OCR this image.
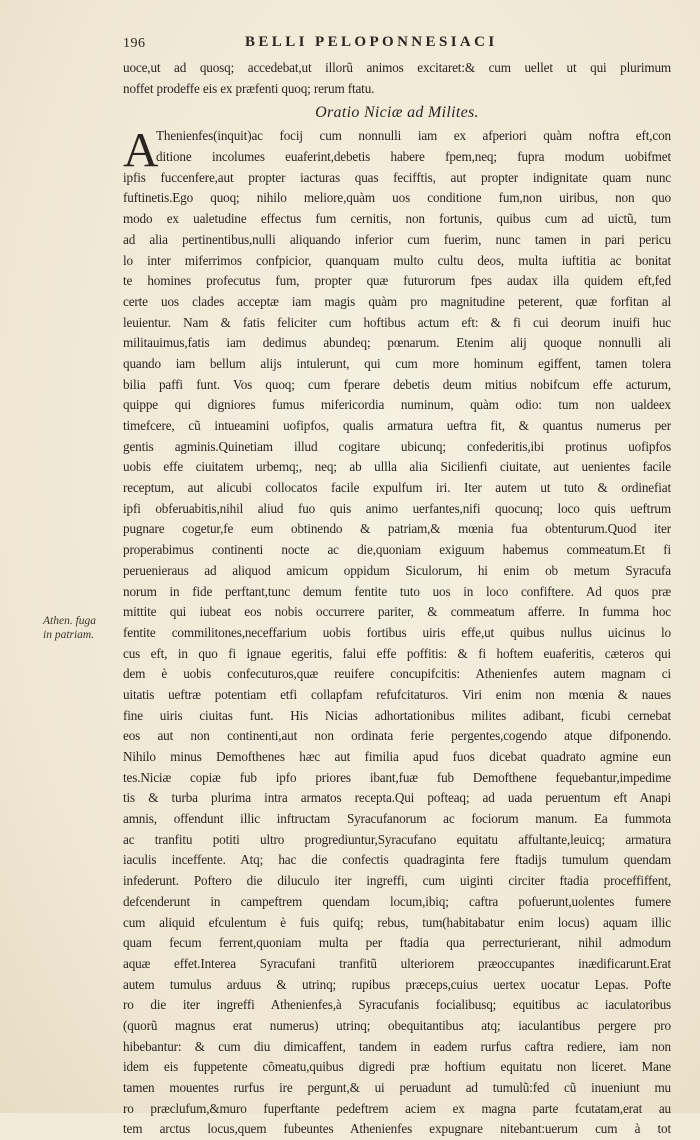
196	BELLI PELOPONNESIACI
Athen. fuga
in patriam.
uoce,ut ad quosq; accedebat,ut illorũ animos excitaret:& cum uellet ut qui plurimum
noffet prodeffe eis ex præfenti quoq; rerum ftatu.
Oratio Niciæ ad Milites.
A
Thenienfes(inquit)ac focij cum nonnulli iam ex afperiori quàm noftra eft,con
ditione incolumes euaferint,debetis habere fpem,neq; fupra modum uobifmet
ipfis fuccenfere,aut propter iacturas quas fecifftis, aut propter indignitate quam nunc
fuftinetis.Ego quoq; nihilo meliore,quàm uos conditione fum,non uiribus, non quo
modo ex ualetudine effectus fum cernitis, non fortunis, quibus cum ad uictũ, tum
ad alia pertinentibus,nulli aliquando inferior cum fuerim, nunc tamen in pari pericu
lo inter miferrimos confpicior, quanquam multo cultu deos, multa iuftitia ac bonitat
te homines profecutus fum, propter quæ futurorum fpes audax illa quidem eft,fed
certe uos clades acceptæ iam magis quàm pro magnitudine peterent, quæ forfitan al
leuientur. Nam & fatis feliciter cum hoftibus actum eft: & fi cui deorum inuifi huc
militauimus,fatis iam dedimus abundeq; pœnarum. Etenim alij quoque nonnulli ali
quando iam bellum alijs intulerunt, qui cum more hominum egiffent, tamen tolera
bilia paffi funt. Vos quoq; cum fperare debetis deum mitius nobifcum effe acturum,
quippe qui digniores fumus mifericordia numinum, quàm odio: tum non ualdeex
timefcere, cũ intueamini uofipfos, qualis armatura ueftra fit, & quantus numerus per
gentis agminis.Quinetiam illud cogitare ubicunq; confederitis,ibi protinus uofipfos
uobis effe ciuitatem urbemq;, neq; ab ullla alia Sicilienfi ciuitate, aut uenientes facile
receptum, aut alicubi collocatos facile expulfum iri. Iter autem ut tuto & ordinefiat
ipfi obferuabitis,nihil aliud fuo quis animo uerfantes,nifi quocunq; loco quis ueftrum
pugnare cogetur,fe eum obtinendo & patriam,& mœnia fua obtenturum.Quod iter
properabimus continenti nocte ac die,quoniam exiguum habemus commeatum.Et fi
peruenieraus ad aliquod amicum oppidum Siculorum, hi enim ob metum Syracufa
norum in fide perftant,tunc demum fentite tuto uos in loco confiftere. Ad quos præ
mittite qui iubeat eos nobis occurrere pariter, & commeatum afferre. In fumma hoc
fentite commilitones,neceffarium uobis fortibus uiris effe,ut quibus nullus uicinus lo
cus eft, in quo fi ignaue egeritis, falui effe poffitis: & fi hoftem euaferitis, cæteros qui
dem è uobis confecuturos,quæ reuifere concupifcitis: Athenienfes autem magnam ci
uitatis ueftræ potentiam etfi collapfam refufcitaturos. Viri enim non mœnia & naues
fine uiris ciuitas funt. His Nicias adhortationibus milites adibant, ficubi cernebat
eos aut non continenti,aut non ordinata ferie pergentes,cogendo atque difponendo.
Nihilo minus Demofthenes hæc aut fimilia apud fuos dicebat quadrato agmine eun
tes.Niciæ copiæ fub ipfo priores ibant,fuæ fub Demofthene fequebantur,impedime
tis & turba plurima intra armatos recepta.Qui pofteaq; ad uada peruentum eft Anapi
amnis, offendunt illic inftructam Syracufanorum ac fociorum manum. Ea fummota
ac tranfitu potiti ultro progrediuntur,Syracufano equitatu affultante,leuicq; armatura
iaculis inceffente. Atq; hac die confectis quadraginta fere ftadijs tumulum quendam
infederunt. Poftero die diluculo iter ingreffi, cum uiginti circiter ftadia proceffiffent,
defcenderunt in campeftrem quendam locum,ibiq; caftra pofuerunt,uolentes fumere
cum aliquid efculentum è fuis quifq; rebus, tum(habitabatur enim locus) aquam illic
quam fecum ferrent,quoniam multa per ftadia qua perrecturierant, nihil admodum
aquæ effet.Interea Syracufani tranfitũ ulteriorem præoccupantes inædificarunt.Erat
autem tumulus arduus & utrinq; rupibus præceps,cuius uertex uocatur Lepas. Pofte
ro die iter ingreffi Athenienfes,à Syracufanis focialibusq; equitibus ac iaculatoribus
(quorũ magnus erat numerus) utrinq; obequitantibus atq; iaculantibus pergere pro
hibebantur: & cum diu dimicaffent, tandem in eadem rurfus caftra rediere, iam non
idem eis fuppetente cõmeatu,quibus digredi præ hoftium equitatu non liceret. Mane
tamen mouentes rurfus ire pergunt,& ui peruadunt ad tumulũ:fed cũ inueniunt mu
ro præclufum,&muro fuperftante pedeftrem aciem ex magna parte fcutatam,erat au
tem arctus locus,quem fubeuntes Athenienfes expugnare nitebant:uerum cum à tot
